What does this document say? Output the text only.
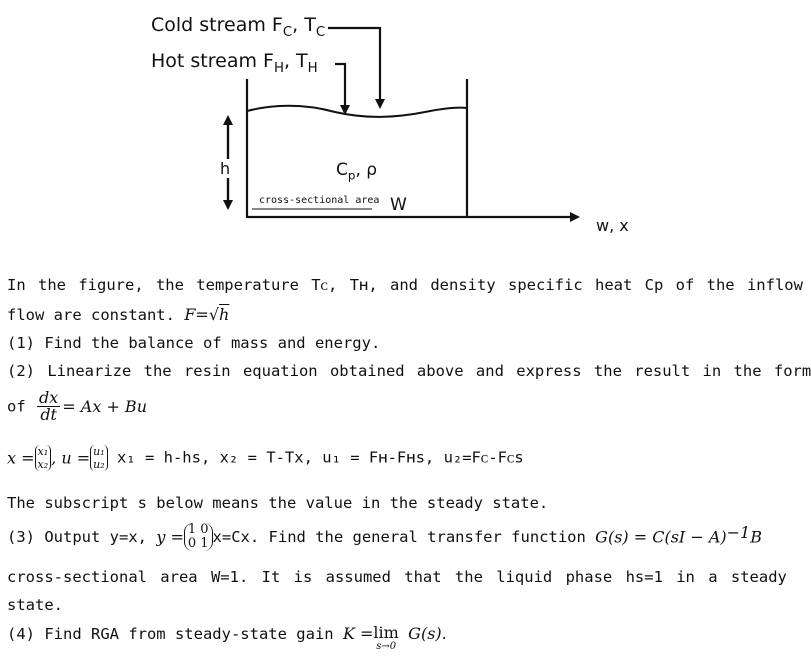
Cold stream $F_C$, $T_C$
Hot stream $F_H$, $T_H$
h	$C_p$, ρ
cross-sectional area W
w, x
In the figure, the temperature Tᴄ, Tʜ, and density specific heat Cp of the inflow
flow are constant. F=√h
(1) Find the balance of mass and energy.
(2) Linearize the resin equation obtained above and express the result in the form
of $\frac{dx}{dt} = Ax + Bu$
x = x₁
x₂ , u = u₁
u₂ x₁ = h-hs, x₂ = T-Tx, u₁ = Fʜ-Fʜs, u₂=Fᴄ-Fᴄs
The subscript s below means the value in the steady state.
(3) Output y=x, y = 1 0
0 1 x=Cx. Find the general transfer function G(s) = C(sI − A)$^{-1}$B
cross-sectional area W=1. It is assumed that the liquid phase hs=1 in a steady
state.
(4) Find RGA from steady-state gain K = lim
s→0
G(s).
